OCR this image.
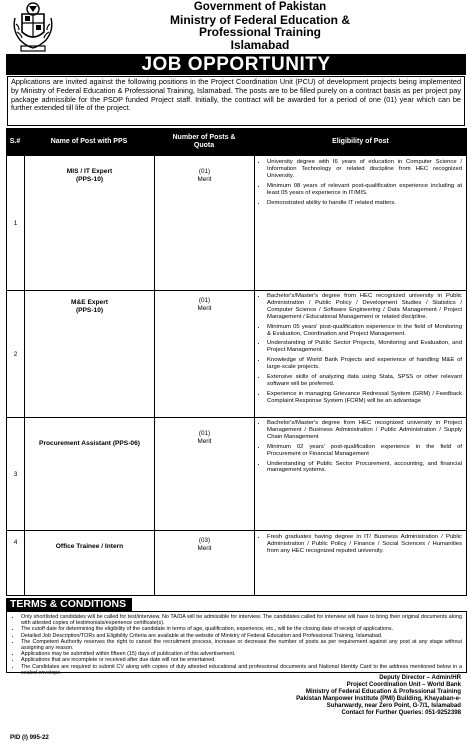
Government of Pakistan
Ministry of Federal Education &
Professional Training
Islamabad
JOB OPPORTUNITY
Applications are invited against the following positions in the Project Coordination Unit (PCU) of development projects being implemented by Ministry of Federal Education & Professional Training, Islamabad. The posts are to be filled purely on a contract basis as per project pay package admissible for the PSDP funded Project staff. Initially, the contract will be awarded for a period of one (01) year which can be further extended till life of the project.
S.#	Name of Post with PPS
Number of Posts & Quota
Eligibility of Post
1
MIS / IT Expert
(PPS-10)
(01)
Merit
• University degree with I6 years of education in Computer Science / Information Technology or related discipline from HEC recognized University.
• Minimum 08 years of relevant post-qualification experience including at least 05 years of experience in IT/MIS.
• Demonstrated ability to handle IT related matters.
2
M&E Expert
(PPS-10)
(01)
Merit
• Bachelor's/Master's degree from HEC recognized university in Public Administration / Public Policy / Development Studies / Statistics / Computer Science / Software Engineering / Data Management / Project Management / Educational Management or related discipline.
• Minimum 05 years' post-qualification experience in the field of Monitoring & Evaluation, Coordination and Project Management.
• Understanding of Public Sector Projects, Monitoring and Evaluation, and Project Management.
• Knowledge of World Bank Projects and experience of handling M&E of large-scale projects.
• Extensive skills of analyzing data using Stata, SPSS or other relevant software will be preferred.
• Experience in managing Grievance Redressal System (GRM) / Feedback Complaint Response System (FCRM) will be an advantage
3
Procurement Assistant (PPS-06)
(01)
Merit
• Bachelor's/Master's degree from HEC recognized university in Project Management / Business Administration / Public Administration / Supply Chain Management
• Minimum 02 years' post-qualification experience in the field of Procurement or Financial Management
• Understanding of Public Sector Procurement, accounting, and financial management systems.
4
Office Trainee / Intern
(03)
Merit
• Fresh graduates having degree in IT/ Business Administration / Public Administration / Public Policy / Finance / Social Sciences / Humanities from any HEC recognized reputed university.
TERMS & CONDITIONS
• Only shortlisted candidates will be called for test/interview. No TA/DA will be admissible for interview. The candidates called for interview will have to bring their original documents along with attested copies of testimonials/experience certificate(s).
• The cutoff date for determining the eligibility of the candidate in terms of age, qualification, experience, etc., will be the closing date of receipt of applications.
• Detailed Job Description/TORs and Eligibility Criteria are available at the website of Ministry of Federal Education and Professional Training, Islamabad.
• The Competent Authority reserves the right to cancel the recruitment process, increase or decrease the number of posts as per requirement against any post at any stage without assigning any reason.
• Applications may be submitted within fifteen (15) days of publication of this advertisement.
• Applications that are incomplete or received after due date will not be entertained.
• The Candidates are required to submit CV along with copies of duly attested educational and professional documents and National Identity Card to the address mentioned below in a sealed envelope.
Deputy Director – Admin/HR
Project Coordination Unit – World Bank
Ministry of Federal Education & Professional Training
Pakistan Manpower Institute (PMI) Building, Khayaban-e-
Suharwardy, near Zero Point, G-7/1, Islamabad
Contact for Further Queries: 051-9252398
PID (I) 995-22
